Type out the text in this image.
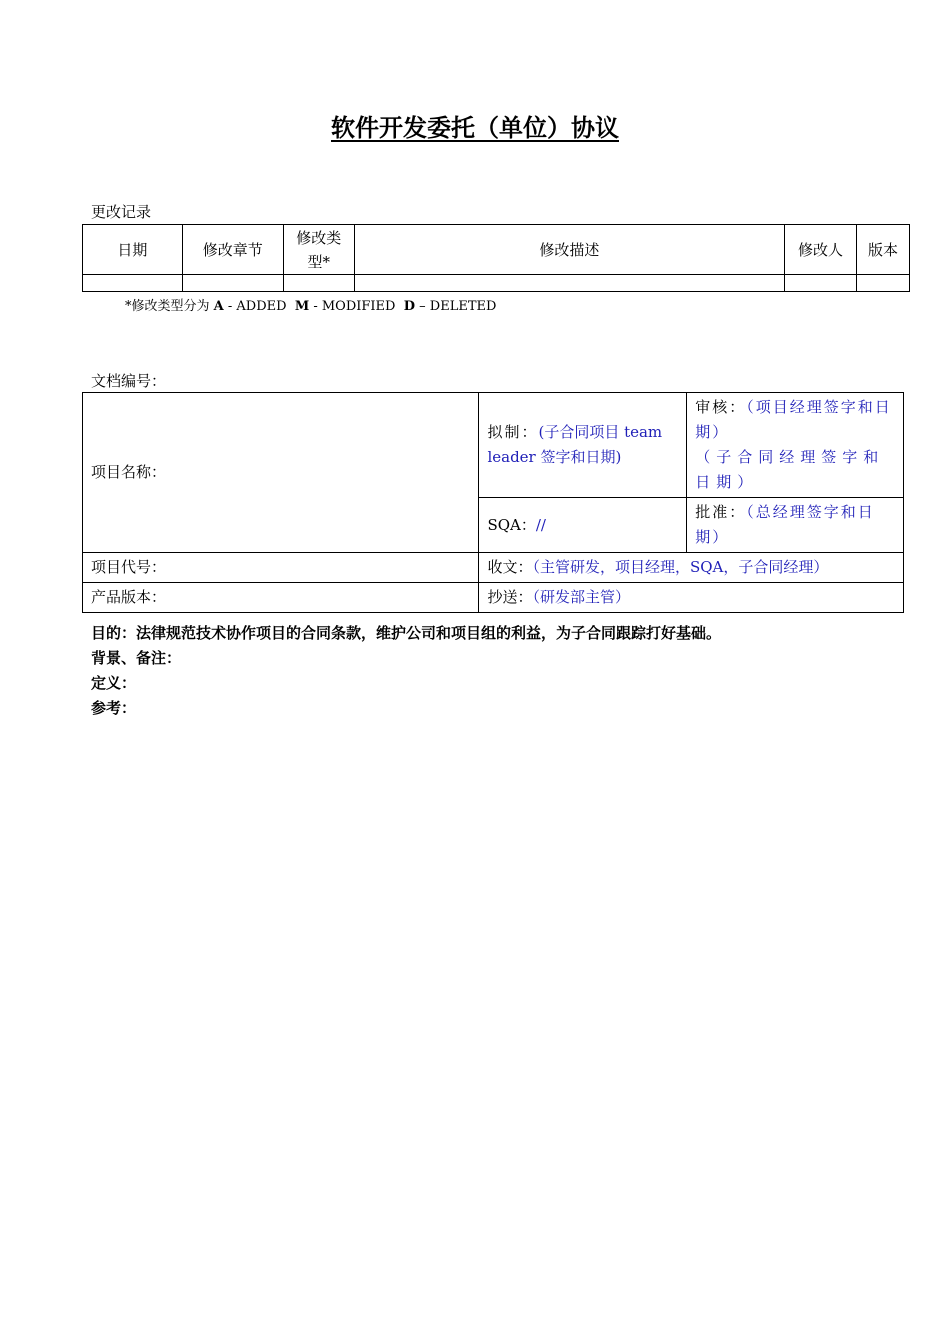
软件开发委托（单位）协议
更改记录
日期	修改章节	修改类型*	修改描述	修改人	版本

*修改类型分为 A - ADDED  M - MODIFIED  D – DELETED
文档编号：
项目名称：	拟制：(子合同项目 team leader 签字和日期)	审核：（项目经理签字和日期）
（子合同经理签字和日期）

	SQA：//	批准：（总经理签字和日期）
项目代号：	收文：（主管研发，项目经理，SQA，子合同经理）	
产品版本：	抄送：（研发部主管）	
目的：法律规范技术协作项目的合同条款，维护公司和项目组的利益，为子合同跟踪打好基础。
背景、备注：
定义：
参考：
